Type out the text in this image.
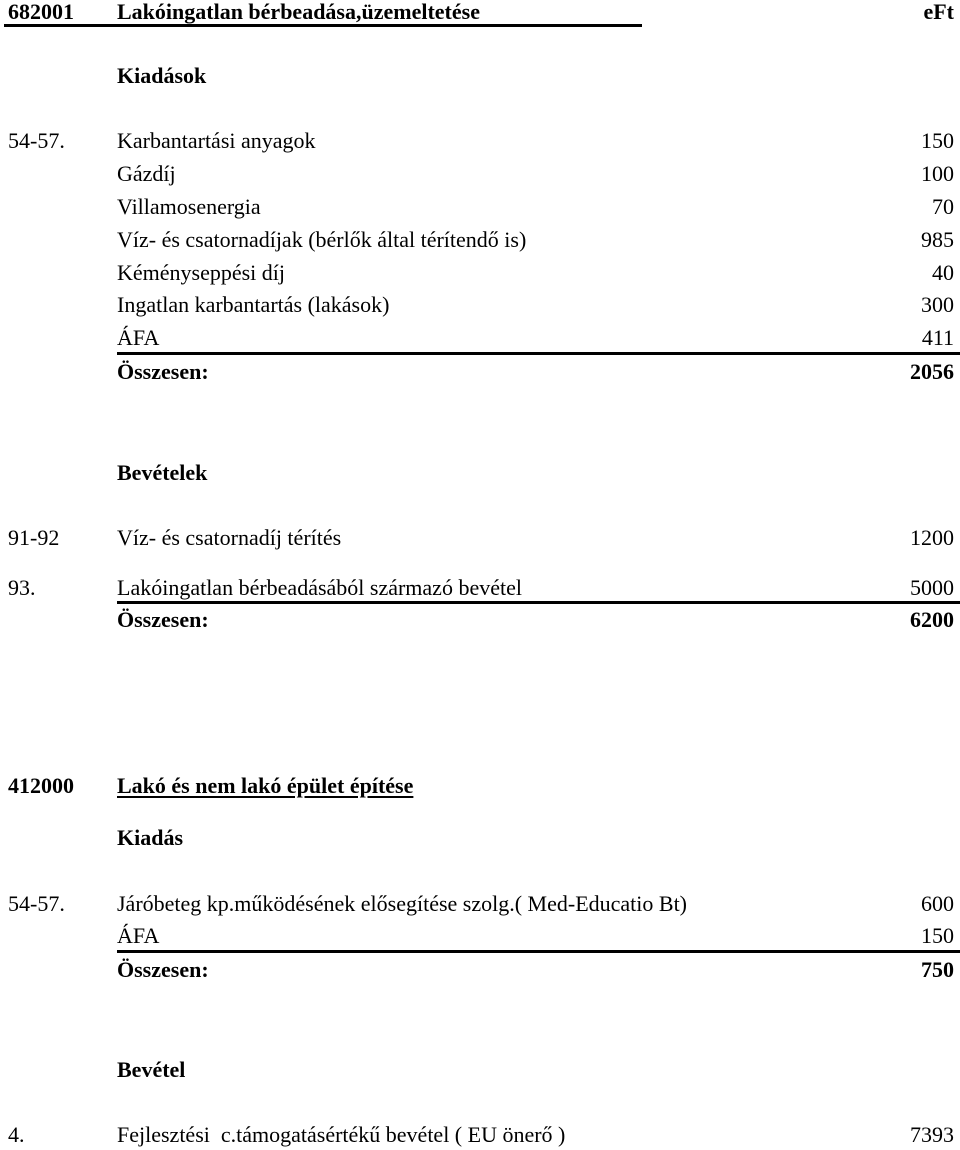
682001 Lakóingatlan bérbeadása,üzemeltetése	eFt
Kiadások
54-57. Karbantartási anyagok	150
Gázdíj	100
Villamosenergia	70
Víz- és csatornadíjak (bérlők által térítendő is)	985
Kéménysepрési díj	40
Ingatlan karbantartás (lakások)	300
ÁFA	411
Összesen:	2056
Bevételek
91-92	Víz- és csatornadíj térítés	1200
93.	Lakóingatlan bérbeadásából származó bevétel	5000
Összesen:	6200
412000 Lakó és nem lakó épület építése
Kiadás
54-57. Járóbeteg kp.működésének elősegítése szolg.( Med-Educatio Bt)	600
ÁFA	150
Összesen:	750
Bevétel
4.	Fejlesztési  c.támogatásértékű bevétel ( EU önerő )	7393
